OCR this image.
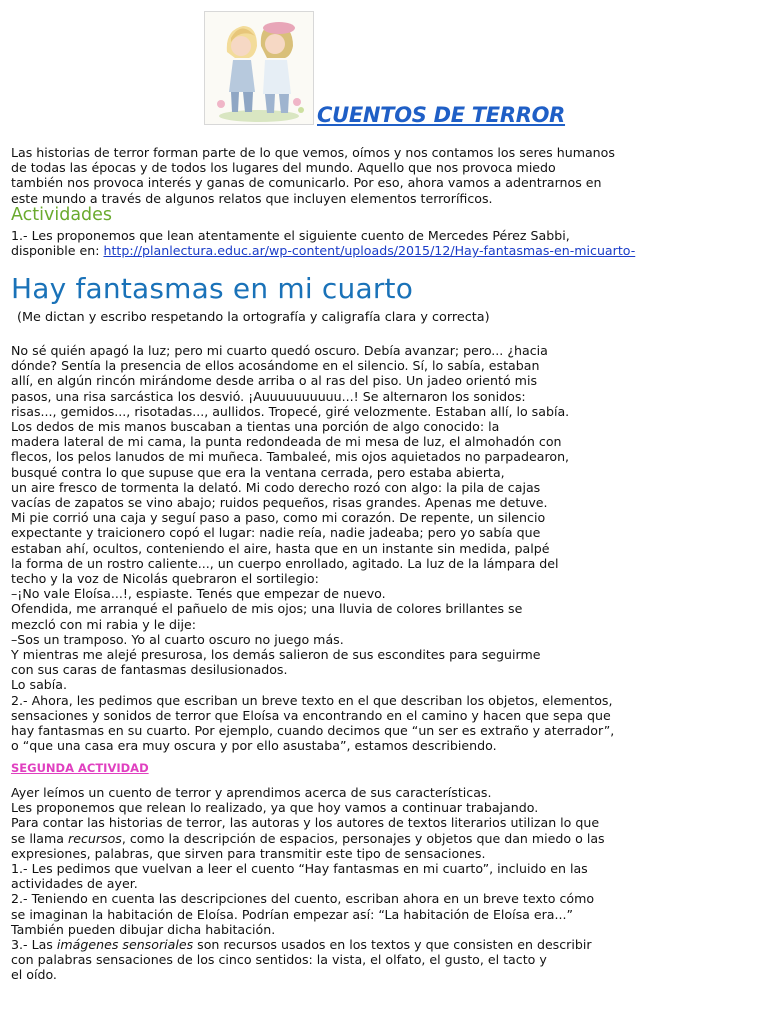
CUENTOS DE TERROR
Las historias de terror forman parte de lo que vemos, oímos y nos contamos los seres humanos
de todas las épocas y de todos los lugares del mundo. Aquello que nos provoca miedo
también nos provoca interés y ganas de comunicarlo. Por eso, ahora vamos a adentrarnos en
este mundo a través de algunos relatos que incluyen elementos terroríficos.
Actividades
1.- Les proponemos que lean atentamente el siguiente cuento de Mercedes Pérez Sabbi,
disponible en: http://planlectura.educ.ar/wp-content/uploads/2015/12/Hay-fantasmas-en-micuarto-
Hay fantasmas en mi cuarto

(Me dictan y escribo respetando la ortografía y caligrafía clara y correcta)

No sé quién apagó la luz; pero mi cuarto quedó oscuro. Debía avanzar; pero... ¿hacia
dónde? Sentía la presencia de ellos acosándome en el silencio. Sí, lo sabía, estaban
allí, en algún rincón mirándome desde arriba o al ras del piso. Un jadeo orientó mis
pasos, una risa sarcástica los desvió. ¡Auuuuuuuuuu...! Se alternaron los sonidos:
risas..., gemidos..., risotadas..., aullidos. Tropecé, giré velozmente. Estaban allí, lo sabía.
Los dedos de mis manos buscaban a tientas una porción de algo conocido: la
madera lateral de mi cama, la punta redondeada de mi mesa de luz, el almohadón con
flecos, los pelos lanudos de mi muñeca. Tambaleé, mis ojos aquietados no parpadearon,
busqué contra lo que supuse que era la ventana cerrada, pero estaba abierta,
un aire fresco de tormenta la delató. Mi codo derecho rozó con algo: la pila de cajas
vacías de zapatos se vino abajo; ruidos pequeños, risas grandes. Apenas me detuve.
Mi pie corrió una caja y seguí paso a paso, como mi corazón. De repente, un silencio
expectante y traicionero copó el lugar: nadie reía, nadie jadeaba; pero yo sabía que
estaban ahí, ocultos, conteniendo el aire, hasta que en un instante sin medida, palpé
la forma de un rostro caliente..., un cuerpo enrollado, agitado. La luz de la lámpara del
techo y la voz de Nicolás quebraron el sortilegio:
–¡No vale Eloísa...!, espiaste. Tenés que empezar de nuevo.
Ofendida, me arranqué el pañuelo de mis ojos; una lluvia de colores brillantes se
mezcló con mi rabia y le dije:
–Sos un tramposo. Yo al cuarto oscuro no juego más.
Y mientras me alejé presurosa, los demás salieron de sus escondites para seguirme
con sus caras de fantasmas desilusionados.
Lo sabía.
2.- Ahora, les pedimos que escriban un breve texto en el que describan los objetos, elementos,
sensaciones y sonidos de terror que Eloísa va encontrando en el camino y hacen que sepa que
hay fantasmas en su cuarto. Por ejemplo, cuando decimos que “un ser es extraño y aterrador”,
o “que una casa era muy oscura y por ello asustaba”, estamos describiendo.
SEGUNDA ACTIVIDAD
Ayer leímos un cuento de terror y aprendimos acerca de sus características.
Les proponemos que relean lo realizado, ya que hoy vamos a continuar trabajando.
Para contar las historias de terror, las autoras y los autores de textos literarios utilizan lo que
se llama recursos, como la descripción de espacios, personajes y objetos que dan miedo o las
expresiones, palabras, que sirven para transmitir este tipo de sensaciones.
1.- Les pedimos que vuelvan a leer el cuento “Hay fantasmas en mi cuarto”, incluido en las
actividades de ayer.
2.- Teniendo en cuenta las descripciones del cuento, escriban ahora en un breve texto cómo
se imaginan la habitación de Eloísa. Podrían empezar así: “La habitación de Eloísa era...”
También pueden dibujar dicha habitación.
3.- Las imágenes sensoriales son recursos usados en los textos y que consisten en describir
con palabras sensaciones de los cinco sentidos: la vista, el olfato, el gusto, el tacto y
el oído.
